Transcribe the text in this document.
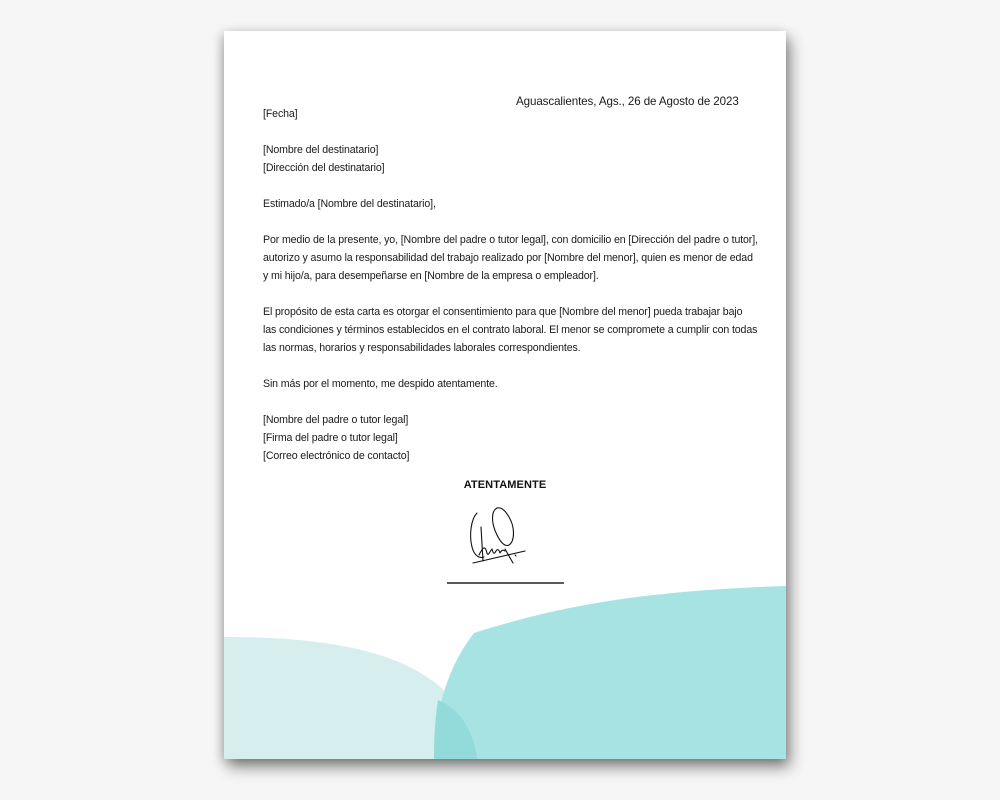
Aguascalientes, Ags., 26 de Agosto de 2023
[Fecha]
[Nombre del destinatario]
[Dirección del destinatario]
Estimado/a [Nombre del destinatario],
Por medio de la presente, yo, [Nombre del padre o tutor legal], con domicilio en [Dirección del padre o tutor],
autorizo y asumo la responsabilidad del trabajo realizado por [Nombre del menor], quien es menor de edad
y mi hijo/a, para desempeñarse en [Nombre de la empresa o empleador].
El propósito de esta carta es otorgar el consentimiento para que [Nombre del menor] pueda trabajar bajo
las condiciones y términos establecidos en el contrato laboral. El menor se compromete a cumplir con todas
las normas, horarios y responsabilidades laborales correspondientes.
Sin más por el momento, me despido atentamente.
[Nombre del padre o tutor legal]
[Firma del padre o tutor legal]
[Correo electrónico de contacto]
ATENTAMENTE
